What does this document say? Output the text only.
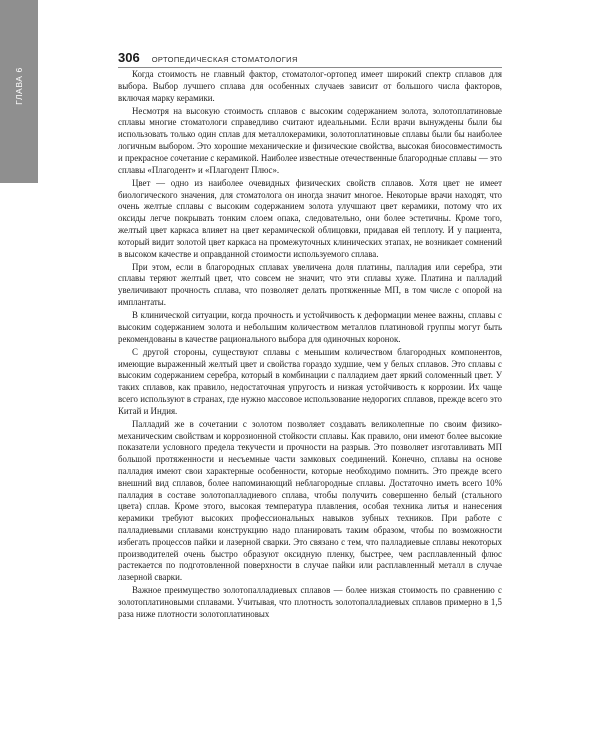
ГЛАВА 6
306 ОРТОПЕДИЧЕСКАЯ СТОМАТОЛОГИЯ

Когда стоимость не главный фактор, стоматолог-ортопед имеет широкий спектр сплавов для выбора. Выбор лучшего сплава для особенных случаев зависит от большого числа факторов, включая марку керамики.

Несмотря на высокую стоимость сплавов с высоким содержанием золота, золотоплатиновые сплавы многие стоматологи справедливо считают идеальными. Если врачи вынуждены были бы использовать только один сплав для металлокерамики, золотоплатиновые сплавы были бы наиболее логичным выбором. Это хорошие механические и физические свойства, высокая биосовместимость и прекрасное сочетание с керамикой. Наиболее известные отечественные благородные сплавы — это сплавы «Плагодент» и «Плагодент Плюс».

Цвет — одно из наиболее очевидных физических свойств сплавов. Хотя цвет не имеет биологического значения, для стоматолога он иногда значит многое. Некоторые врачи находят, что очень желтые сплавы с высоким содержанием золота улучшают цвет керамики, потому что их оксиды легче покрывать тонким слоем опака, следовательно, они более эстетичны. Кроме того, желтый цвет каркаса влияет на цвет керамической облицовки, придавая ей теплоту. И у пациента, который видит золотой цвет каркаса на промежуточных клинических этапах, не возникает сомнений в высоком качестве и оправданной стоимости используемого сплава.

При этом, если в благородных сплавах увеличена доля платины, палладия или серебра, эти сплавы теряют желтый цвет, что совсем не значит, что эти сплавы хуже. Платина и палладий увеличивают прочность сплава, что позволяет делать протяженные МП, в том числе с опорой на имплантаты.

В клинической ситуации, когда прочность и устойчивость к деформации менее важны, сплавы с высоким содержанием золота и небольшим количеством металлов платиновой группы могут быть рекомендованы в качестве рационального выбора для одиночных коронок.

С другой стороны, существуют сплавы с меньшим количеством благородных компонентов, имеющие выраженный желтый цвет и свойства гораздо худшие, чем у белых сплавов. Это сплавы с высоким содержанием серебра, который в комбинации с палладием дает яркий соломенный цвет. У таких сплавов, как правило, недостаточная упругость и низкая устойчивость к коррозии. Их чаще всего используют в странах, где нужно массовое использование недорогих сплавов, прежде всего это Китай и Индия.

Палладий же в сочетании с золотом позволяет создавать великолепные по своим физико-механическим свойствам и коррозионной стойкости сплавы. Как правило, они имеют более высокие показатели условного предела текучести и прочности на разрыв. Это позволяет изготавливать МП большой протяженности и несъемные части замковых соединений. Конечно, сплавы на основе палладия имеют свои характерные особенности, которые необходимо помнить. Это прежде всего внешний вид сплавов, более напоминающий неблагородные сплавы. Достаточно иметь всего 10% палладия в составе золотопалладиевого сплава, чтобы получить совершенно белый (стального цвета) сплав. Кроме этого, высокая температура плавления, особая техника литья и нанесения керамики требуют высоких профессиональных навыков зубных техников. При работе с палладиевыми сплавами конструкцию надо планировать таким образом, чтобы по возможности избегать процессов пайки и лазерной сварки. Это связано с тем, что палладиевые сплавы некоторых производителей очень быстро образуют оксидную пленку, быстрее, чем расплавленный флюс растекается по подготовленной поверхности в случае пайки или расплавленный металл в случае лазерной сварки.

Важное преимущество золотопалладиевых сплавов — более низкая стоимость по сравнению с золотоплатиновыми сплавами. Учитывая, что плотность золотопалладиевых сплавов примерно в 1,5 раза ниже плотности золотоплатиновых
